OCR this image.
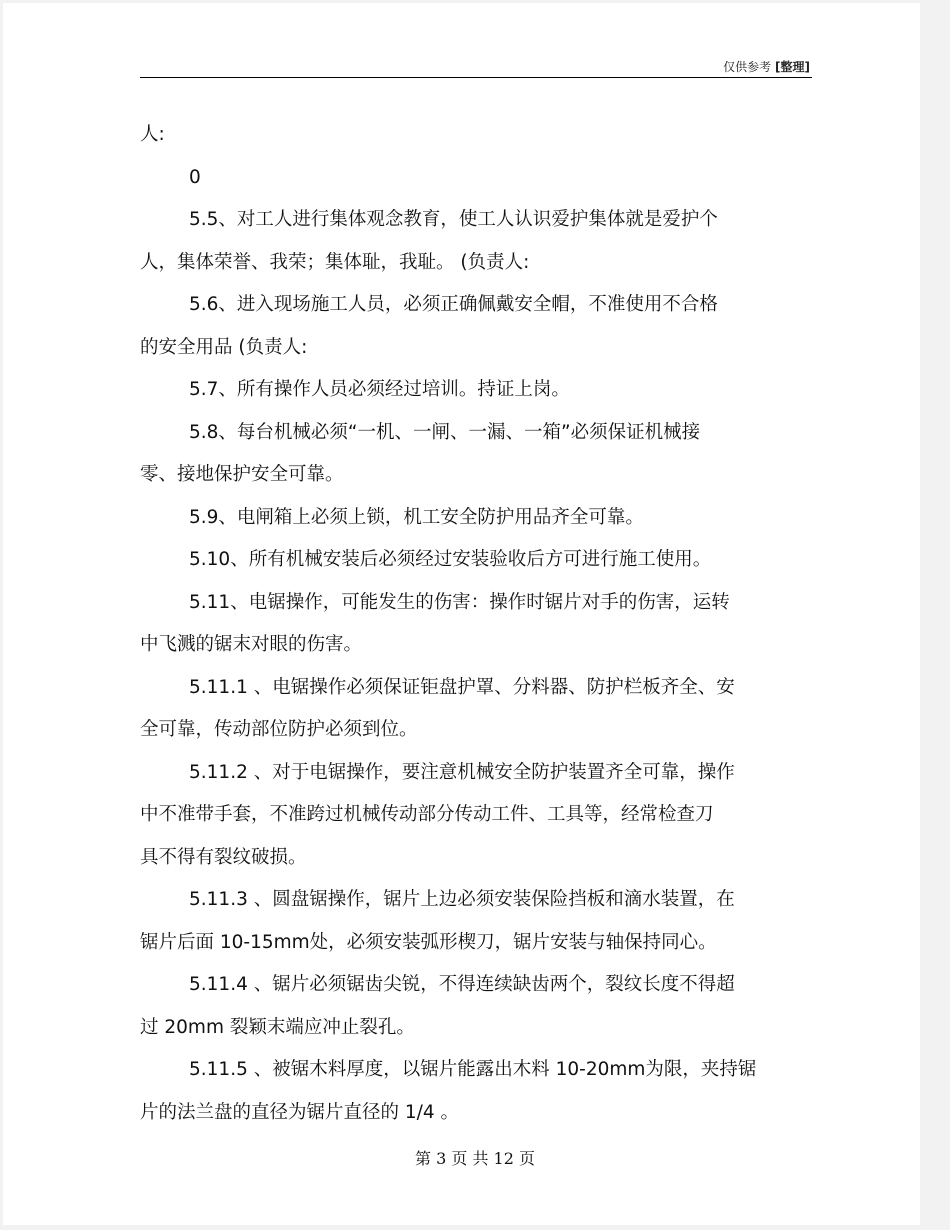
仅供参考 [整理]
人:
0
5.5、对工人进行集体观念教育，使工人认识爱护集体就是爱护个
人，集体荣誉、我荣；集体耻，我耻。 (负责人:
5.6、进入现场施工人员，必须正确佩戴安全帽，不准使用不合格
的安全用品 (负责人:
5.7、所有操作人员必须经过培训。持证上岗。
5.8、每台机械必须“一机、一闸、一漏、一箱”必须保证机械接
零、接地保护安全可靠。
5.9、电闸箱上必须上锁，机工安全防护用品齐全可靠。
5.10、所有机械安装后必须经过安装验收后方可进行施工使用。
5.11、电锯操作，可能发生的伤害：操作时锯片对手的伤害，运转
中飞溅的锯末对眼的伤害。
5.11.1 、电锯操作必须保证钜盘护罩、分料器、防护栏板齐全、安
全可靠，传动部位防护必须到位。
5.11.2 、对于电锯操作，要注意机械安全防护装置齐全可靠，操作
中不准带手套，不准跨过机械传动部分传动工件、工具等，经常检查刀
具不得有裂纹破损。
5.11.3 、圆盘锯操作，锯片上边必须安装保险挡板和滴水装置，在
锯片后面 10-15mm处，必须安装弧形楔刀，锯片安装与轴保持同心。
5.11.4 、锯片必须锯齿尖锐，不得连续缺齿两个，裂纹长度不得超
过 20mm 裂颖末端应冲止裂孔。
5.11.5 、被锯木料厚度，以锯片能露出木料 10-20mm为限，夹持锯
片的法兰盘的直径为锯片直径的 1/4 。
第 3 页 共 12 页
